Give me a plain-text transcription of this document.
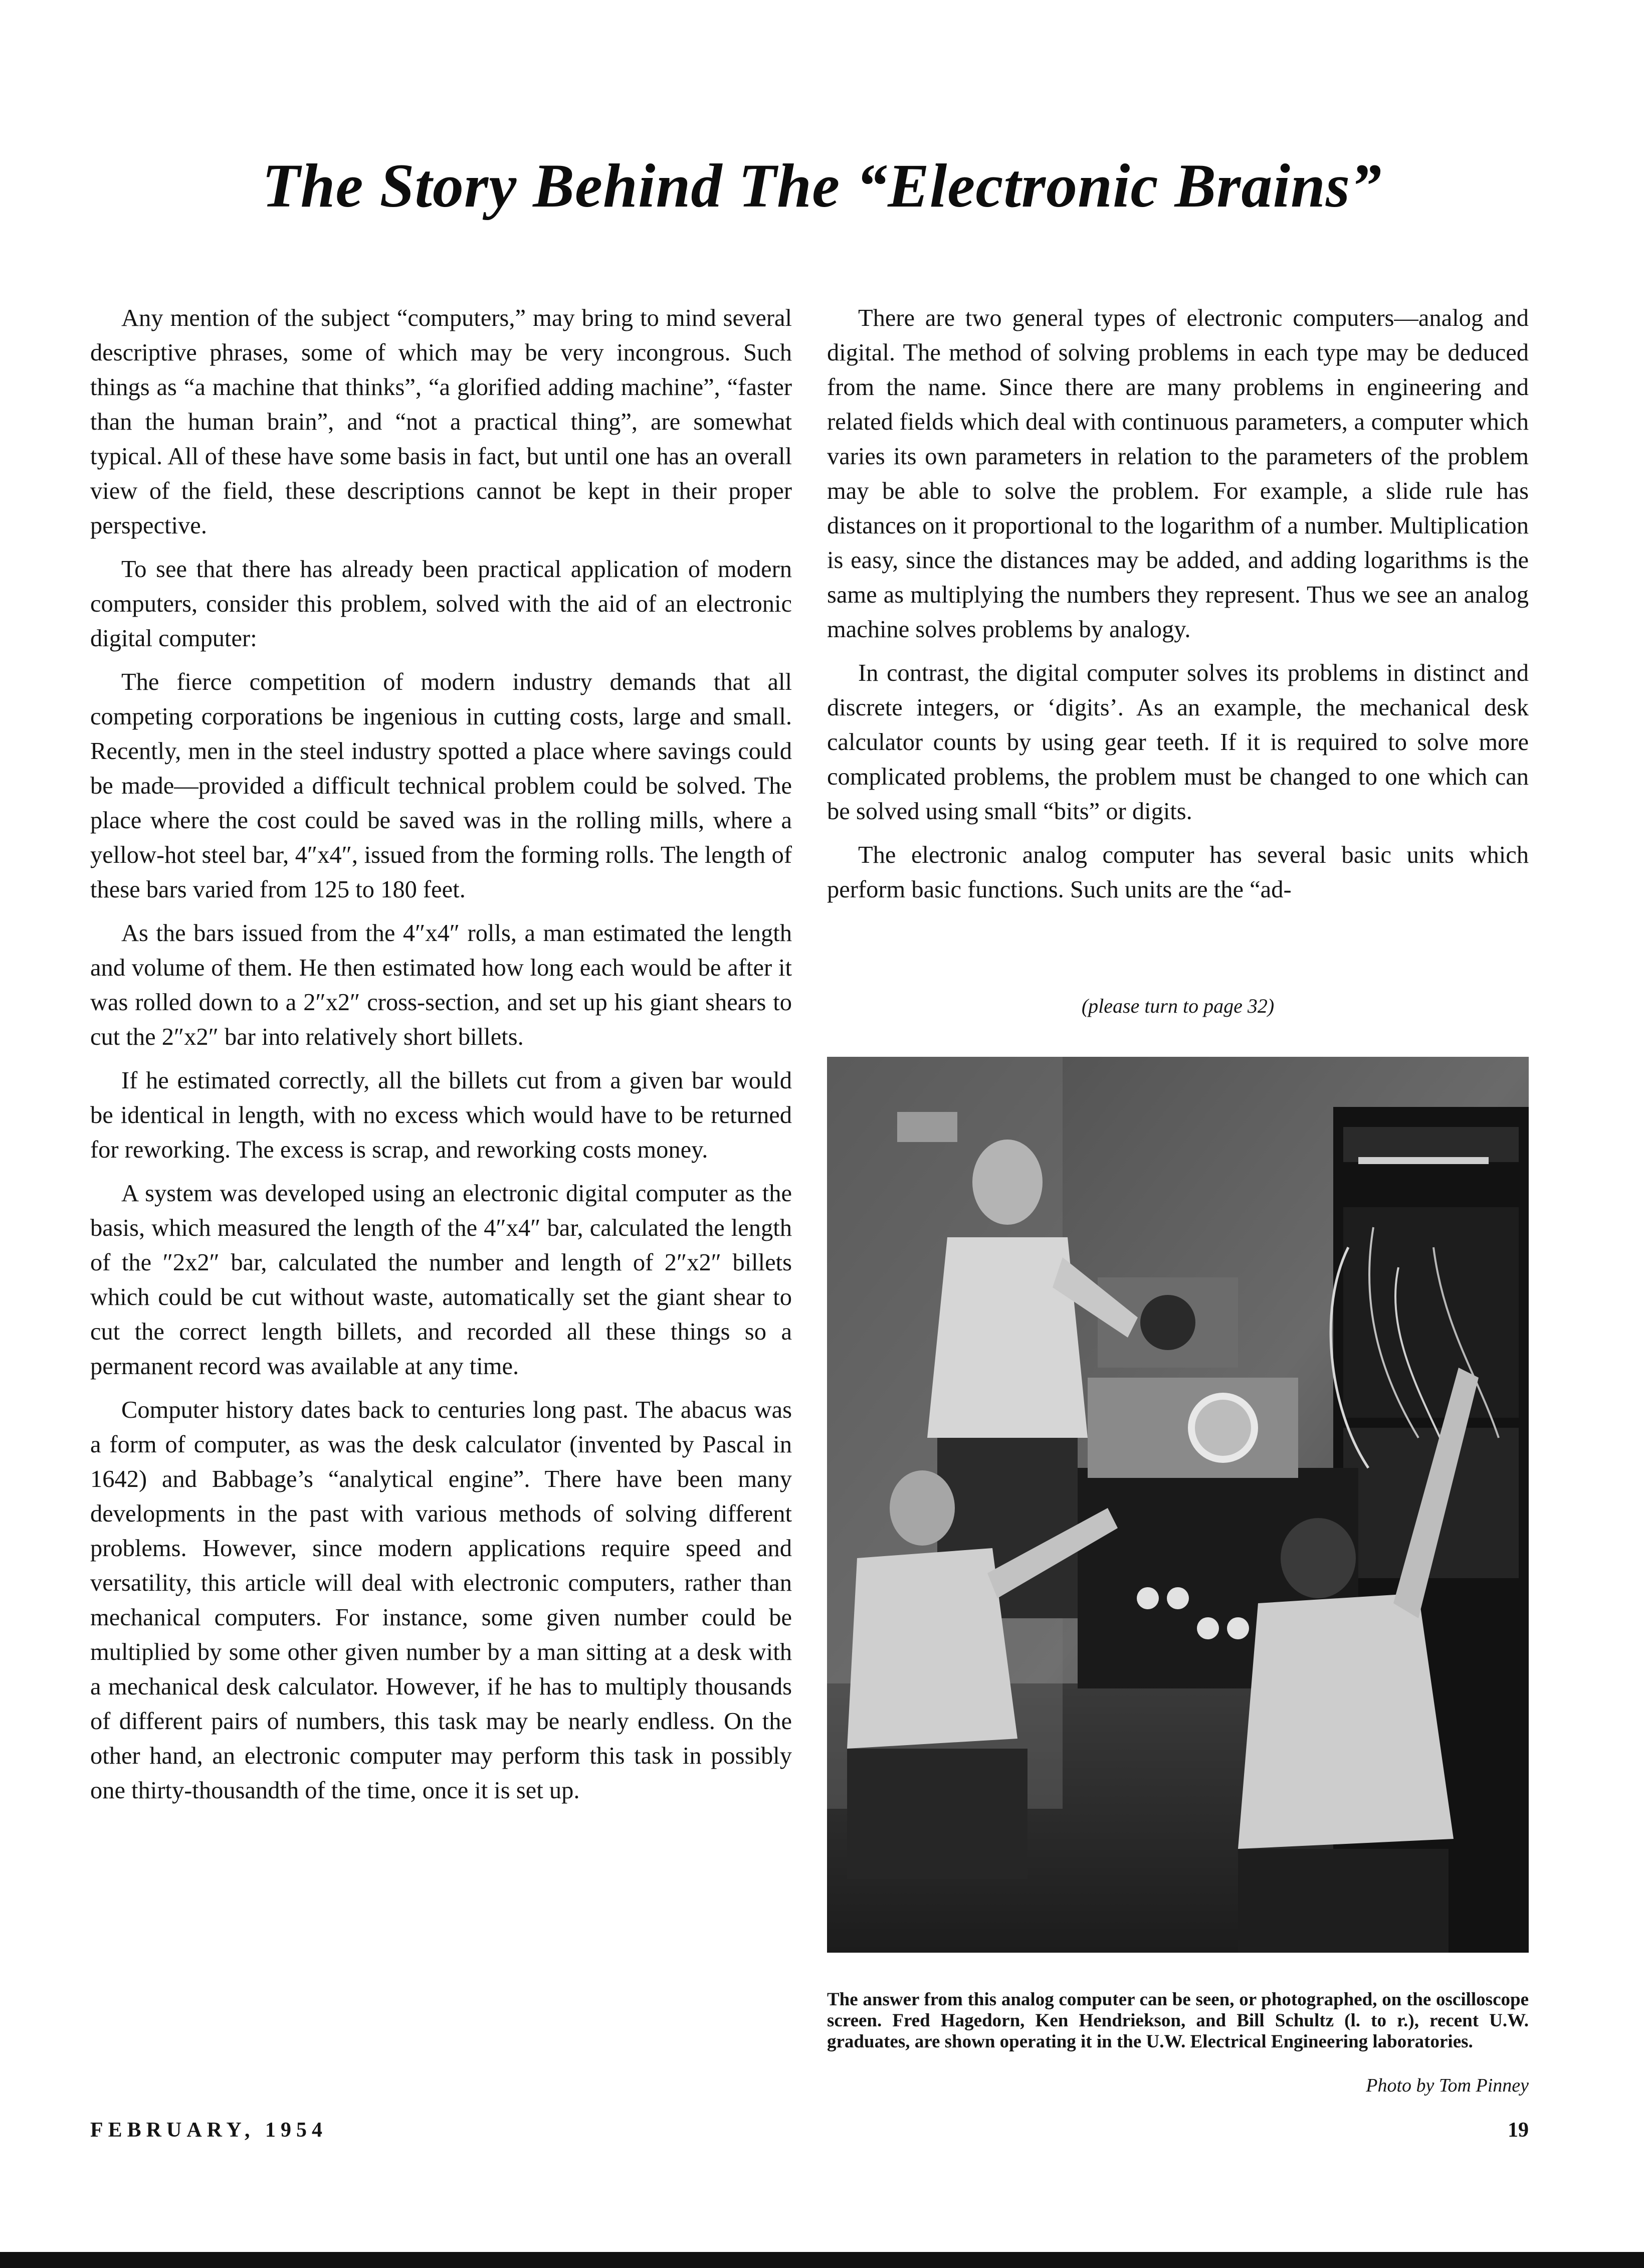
The Story Behind The “Electronic Brains”

Any mention of the subject “computers,” may bring to mind several descriptive phrases, some of which may be very incongrous. Such things as “a machine that thinks”, “a glorified adding machine”, “faster than the human brain”, and “not a practical thing”, are somewhat typical. All of these have some basis in fact, but until one has an overall view of the field, these descriptions cannot be kept in their proper perspective.

To see that there has already been practical application of modern computers, consider this problem, solved with the aid of an electronic digital computer:

The fierce competition of modern industry demands that all competing corporations be ingenious in cutting costs, large and small. Recently, men in the steel industry spotted a place where savings could be made—provided a difficult technical problem could be solved. The place where the cost could be saved was in the rolling mills, where a yellow-hot steel bar, 4″x4″, issued from the forming rolls. The length of these bars varied from 125 to 180 feet.

As the bars issued from the 4″x4″ rolls, a man estimated the length and volume of them. He then estimated how long each would be after it was rolled down to a 2″x2″ cross-section, and set up his giant shears to cut the 2″x2″ bar into relatively short billets.

If he estimated correctly, all the billets cut from a given bar would be identical in length, with no excess which would have to be returned for reworking. The excess is scrap, and reworking costs money.

A system was developed using an electronic digital computer as the basis, which measured the length of the 4″x4″ bar, calculated the length of the ″2x2″ bar, calculated the number and length of 2″x2″ billets which could be cut without waste, automatically set the giant shear to cut the correct length billets, and recorded all these things so a permanent record was available at any time.

Computer history dates back to centuries long past. The abacus was a form of computer, as was the desk calculator (invented by Pascal in 1642) and Babbage’s “analytical engine”. There have been many developments in the past with various methods of solving different problems. However, since modern applications require speed and versatility, this article will deal with electronic computers, rather than mechanical computers. For instance, some given number could be multiplied by some other given number by a man sitting at a desk with a mechanical desk calculator. However, if he has to multiply thousands of different pairs of numbers, this task may be nearly endless. On the other hand, an electronic computer may perform this task in possibly one thirty-thousandth of the time, once it is set up.

There are two general types of electronic computers—analog and digital. The method of solving problems in each type may be deduced from the name. Since there are many problems in engineering and related fields which deal with continuous parameters, a computer which varies its own parameters in relation to the parameters of the problem may be able to solve the problem. For example, a slide rule has distances on it proportional to the logarithm of a number. Multiplication is easy, since the distances may be added, and adding logarithms is the same as multiplying the numbers they represent. Thus we see an analog machine solves problems by analogy.

In contrast, the digital computer solves its problems in distinct and discrete integers, or ‘digits’. As an example, the mechanical desk calculator counts by using gear teeth. If it is required to solve more complicated problems, the problem must be changed to one which can be solved using small “bits” or digits.

The electronic analog computer has several basic units which perform basic functions. Such units are the “ad-

(please turn to page 32)
The answer from this analog computer can be seen, or photographed, on the oscilloscope screen. Fred Hagedorn, Ken Hendriekson, and Bill Schultz (l. to r.), recent U.W. graduates, are shown operating it in the U.W. Electrical Engineering laboratories.
Photo by Tom Pinney
FEBRUARY, 1954	19
